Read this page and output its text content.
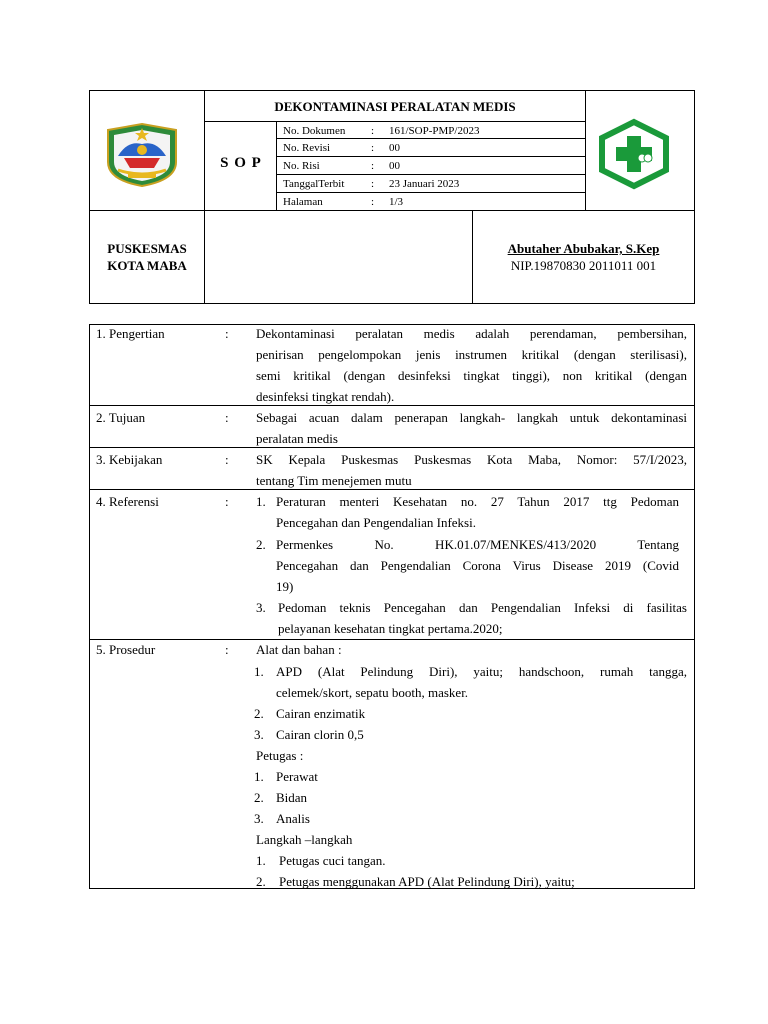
DEKONTAMINASI PERALATAN MEDIS
S O P
No. Dokumen : 161/SOP-PMP/2023
No. Revisi	: 00
No. Risi	: 00
TanggalTerbit : 23 Januari 2023
Halaman	: 1/3
PUSKESMAS
KOTA MABA
Abutaher Abubakar, S.Kep
NIP.19870830 2011011 001
1. Pengertian	: Dekontaminasi peralatan medis adalah perendaman, pembersihan,
penirisan pengelompokan jenis instrumen kritikal (dengan sterilisasi),
semi kritikal (dengan desinfeksi tingkat tinggi), non kritikal (dengan
desinfeksi tingkat rendah).
2. Tujuan	: Sebagai acuan dalam penerapan langkah- langkah untuk dekontaminasi
peralatan medis
3. Kebijakan	: SK Kepala Puskesmas Puskesmas Kota Maba, Nomor: 57/I/2023,
tentang Tim menejemen mutu
4. Referensi	: 1. Peraturan menteri Kesehatan no. 27 Tahun 2017 ttg Pedoman
Pencegahan dan Pengendalian Infeksi.
2. Permenkes No. HK.01.07/MENKES/413/2020 Tentang
Pencegahan dan Pengendalian Corona Virus Disease 2019 (Covid
19)
3. Pedoman teknis Pencegahan dan Pengendalian Infeksi di fasilitas
pelayanan kesehatan tingkat pertama.2020;
5. Prosedur	: Alat dan bahan :
1. APD (Alat Pelindung Diri), yaitu; handschoon, rumah tangga,
celemek/skort, sepatu booth, masker.
2. Cairan enzimatik
3. Cairan clorin 0,5
Petugas :
1. Perawat
2. Bidan
3. Analis
Langkah –langkah
1. Petugas cuci tangan.
2. Petugas menggunakan APD (Alat Pelindung Diri), yaitu;
